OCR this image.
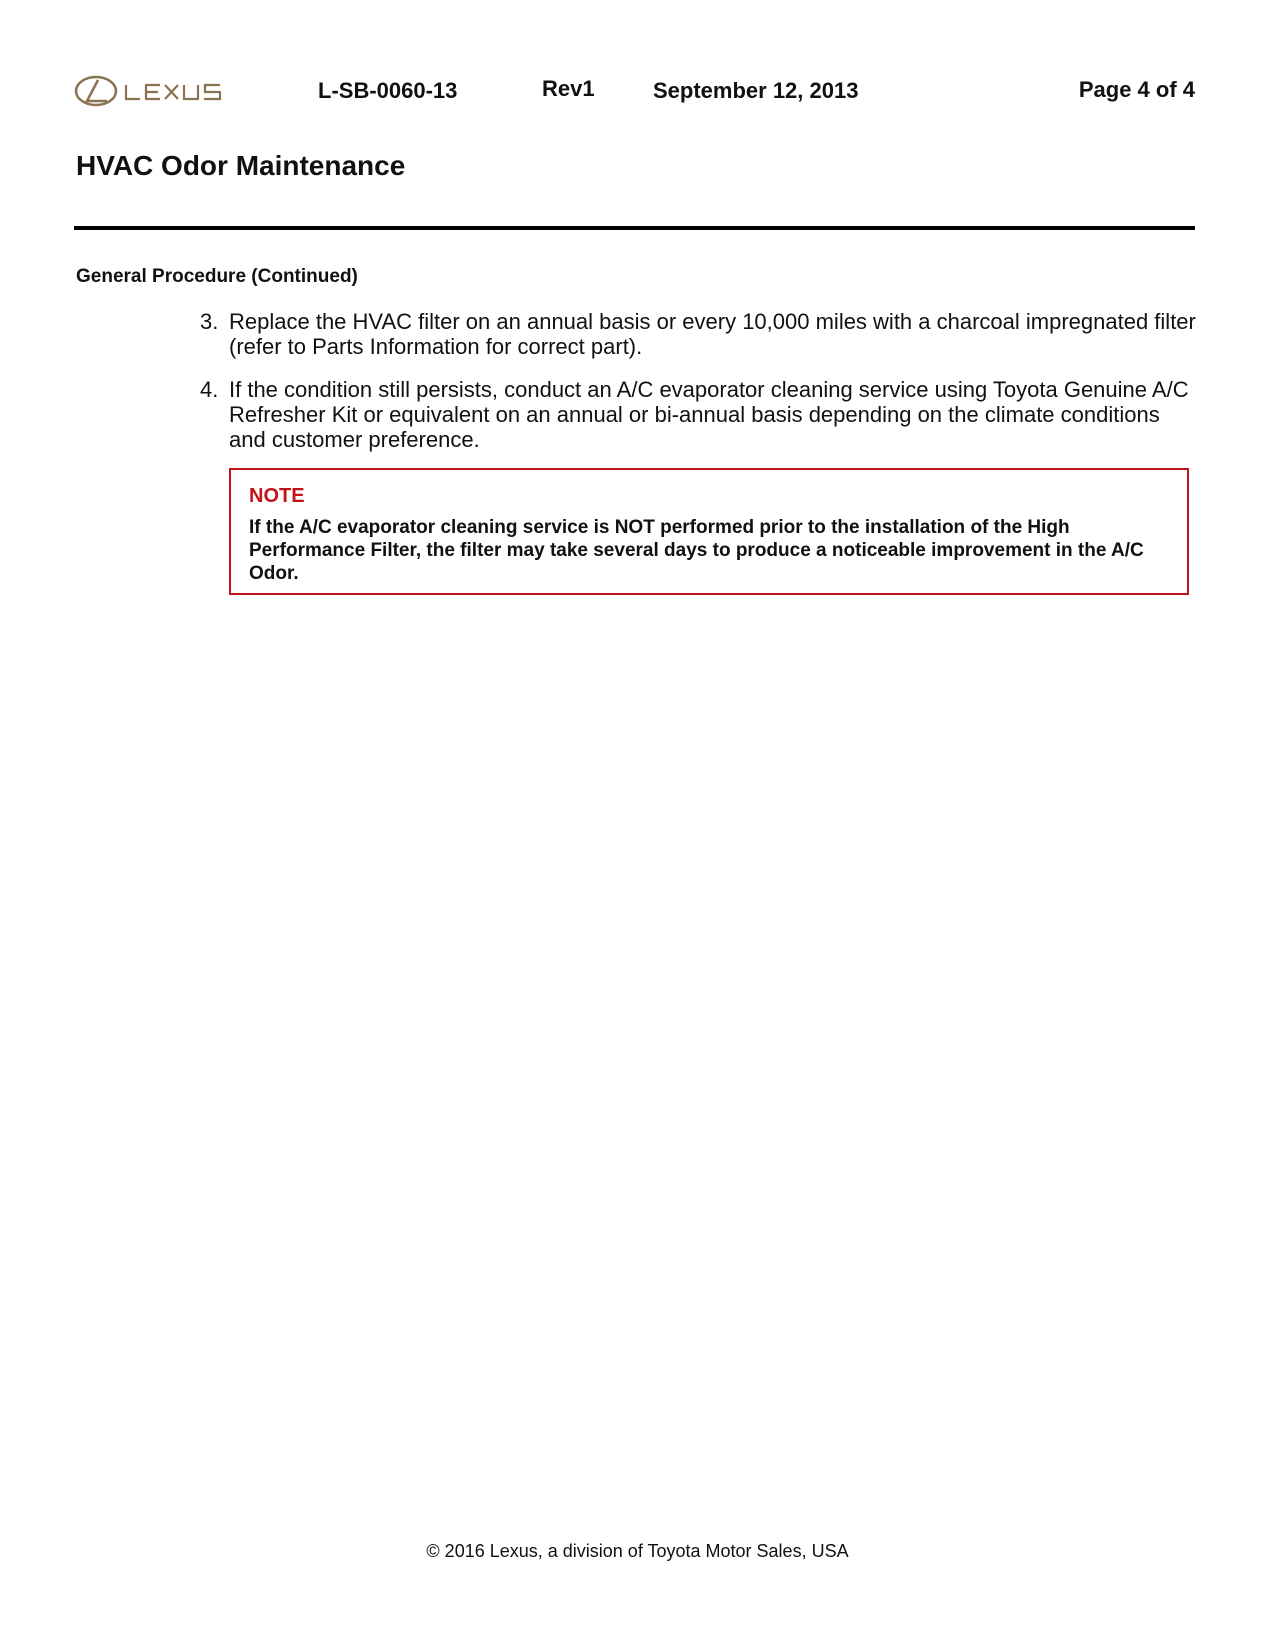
L-SB-0060-13	Rev1	September 12, 2013	Page 4 of 4
HVAC Odor Maintenance
General Procedure (Continued)
3. Replace the HVAC filter on an annual basis or every 10,000 miles with a charcoal impregnated filter (refer to Parts Information for correct part).
4. If the condition still persists, conduct an A/C evaporator cleaning service using Toyota Genuine A/C Refresher Kit or equivalent on an annual or bi-annual basis depending on the climate conditions and customer preference.
NOTE
If the A/C evaporator cleaning service is NOT performed prior to the installation of the High Performance Filter, the filter may take several days to produce a noticeable improvement in the A/C Odor.
© 2016 Lexus, a division of Toyota Motor Sales, USA
